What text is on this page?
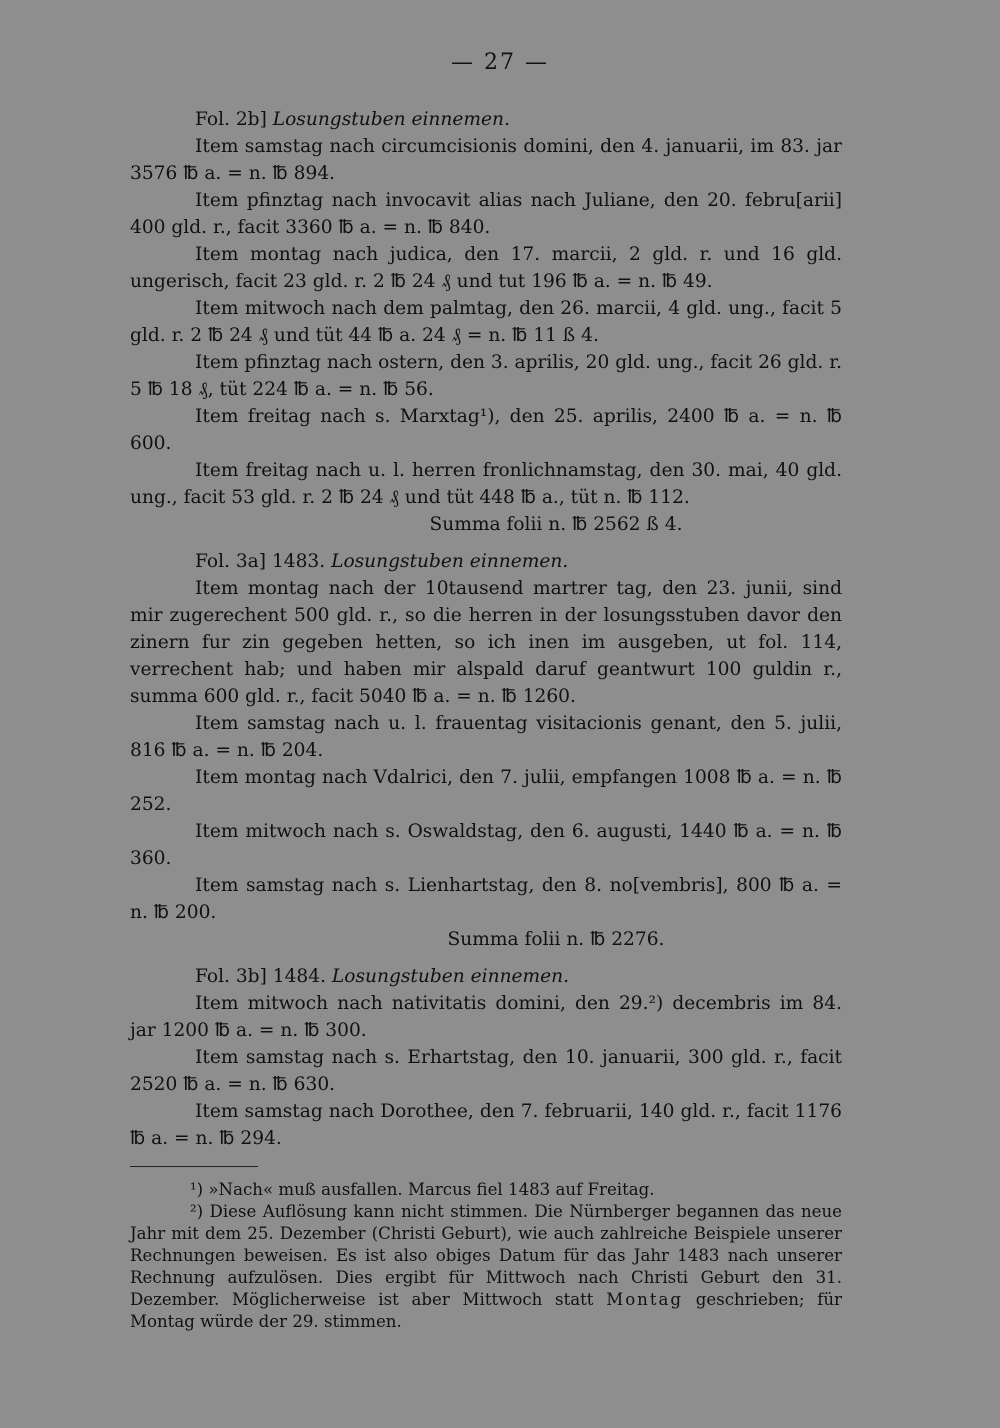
— 27 —

Fol. 2b] Losungstuben einnemen.

Item samstag nach circumcisionis domini, den 4. januarii, im 83. jar 3576 ℔ a. = n. ℔ 894.

Item pfinztag nach invocavit alias nach Juliane, den 20. febru[arii] 400 gld. r., facit 3360 ℔ a. = n. ℔ 840.

Item montag nach judica, den 17. marcii, 2 gld. r. und 16 gld. ungerisch, facit 23 gld. r. 2 ℔ 24 ₰ und tut 196 ℔ a. = n. ℔ 49.

Item mitwoch nach dem palmtag, den 26. marcii, 4 gld. ung., facit 5 gld. r. 2 ℔ 24 ₰ und tüt 44 ℔ a. 24 ₰ = n. ℔ 11 ß 4.

Item pfinztag nach ostern, den 3. aprilis, 20 gld. ung., facit 26 gld. r. 5 ℔ 18 ₰, tüt 224 ℔ a. = n. ℔ 56.

Item freitag nach s. Marxtag¹), den 25. aprilis, 2400 ℔ a. = n. ℔ 600.

Item freitag nach u. l. herren fronlichnamstag, den 30. mai, 40 gld. ung., facit 53 gld. r. 2 ℔ 24 ₰ und tüt 448 ℔ a., tüt n. ℔ 112.

Summa folii n. ℔ 2562 ß 4.

Fol. 3a] 1483. Losungstuben einnemen.

Item montag nach der 10tausend martrer tag, den 23. junii, sind mir zugerechent 500 gld. r., so die herren in der losungsstuben davor den zinern fur zin gegeben hetten, so ich inen im ausgeben, ut fol. 114, verrechent hab; und haben mir alspald daruf geantwurt 100 guldin r., summa 600 gld. r., facit 5040 ℔ a. = n. ℔ 1260.

Item samstag nach u. l. frauentag visitacionis genant, den 5. julii, 816 ℔ a. = n. ℔ 204.

Item montag nach Vdalrici, den 7. julii, empfangen 1008 ℔ a. = n. ℔ 252.

Item mitwoch nach s. Oswaldstag, den 6. augusti, 1440 ℔ a. = n. ℔ 360.

Item samstag nach s. Lienhartstag, den 8. no[vembris], 800 ℔ a. = n. ℔ 200.

Summa folii n. ℔ 2276.

Fol. 3b] 1484. Losungstuben einnemen.

Item mitwoch nach nativitatis domini, den 29.²) decembris im 84. jar 1200 ℔ a. = n. ℔ 300.

Item samstag nach s. Erhartstag, den 10. januarii, 300 gld. r., facit 2520 ℔ a. = n. ℔ 630.

Item samstag nach Dorothee, den 7. februarii, 140 gld. r., facit 1176 ℔ a. = n. ℔ 294.

¹) »Nach« muß ausfallen. Marcus fiel 1483 auf Freitag.

²) Diese Auflösung kann nicht stimmen. Die Nürnberger begannen das neue Jahr mit dem 25. Dezember (Christi Geburt), wie auch zahlreiche Beispiele unserer Rechnungen beweisen. Es ist also obiges Datum für das Jahr 1483 nach unserer Rechnung aufzulösen. Dies ergibt für Mittwoch nach Christi Geburt den 31. Dezember. Möglicherweise ist aber Mittwoch statt Montag geschrieben; für Montag würde der 29. stimmen.
